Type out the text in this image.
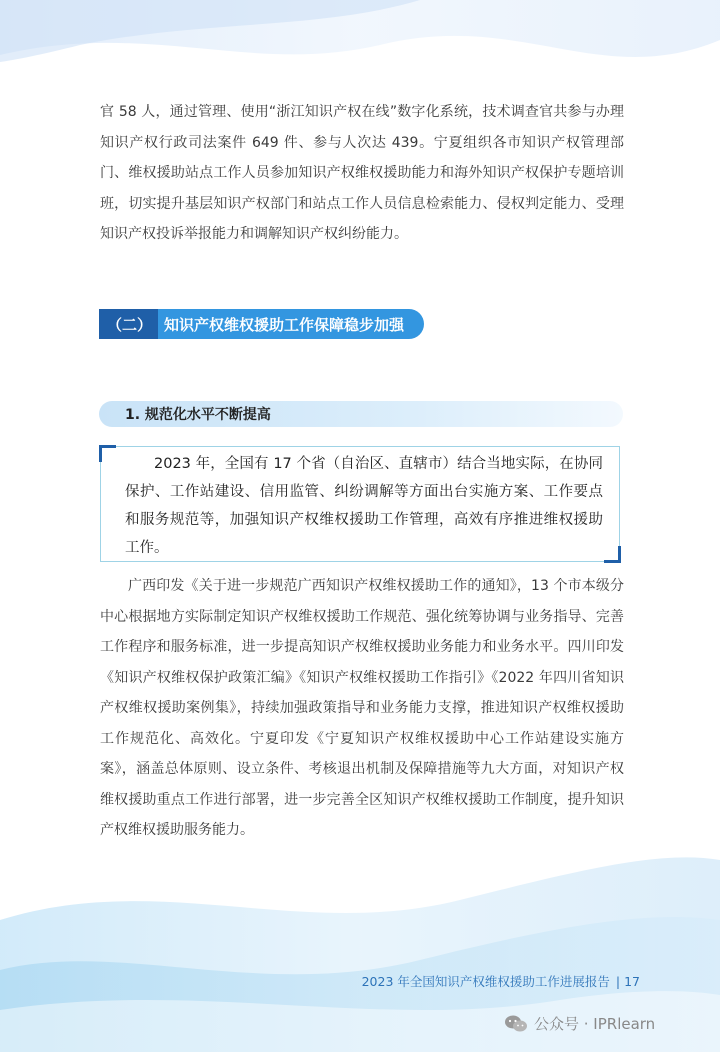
官 58 人，通过管理、使用“浙江知识产权在线”数字化系统，技术调查官共参与办理知识产权行政司法案件 649 件、参与人次达 439。宁夏组织各市知识产权管理部门、维权援助站点工作人员参加知识产权维权援助能力和海外知识产权保护专题培训班，切实提升基层知识产权部门和站点工作人员信息检索能力、侵权判定能力、受理知识产权投诉举报能力和调解知识产权纠纷能力。

（二） 知识产权维权援助工作保障稳步加强
1. 规范化水平不断提高

2023 年，全国有 17 个省（自治区、直辖市）结合当地实际，在协同保护、工作站建设、信用监管、纠纷调解等方面出台实施方案、工作要点和服务规范等，加强知识产权维权援助工作管理，高效有序推进维权援助工作。

广西印发《关于进一步规范广西知识产权维权援助工作的通知》，13 个市本级分中心根据地方实际制定知识产权维权援助工作规范、强化统筹协调与业务指导、完善工作程序和服务标准，进一步提高知识产权维权援助业务能力和业务水平。四川印发《知识产权维权保护政策汇编》《知识产权维权援助工作指引》《2022 年四川省知识产权维权援助案例集》，持续加强政策指导和业务能力支撑，推进知识产权维权援助工作规范化、高效化。宁夏印发《宁夏知识产权维权援助中心工作站建设实施方案》，涵盖总体原则、设立条件、考核退出机制及保障措施等九大方面，对知识产权维权援助重点工作进行部署，进一步完善全区知识产权维权援助工作制度，提升知识产权维权援助服务能力。

2023 年全国知识产权维权援助工作进展报告 | 17
公众号 · IPRlearn
